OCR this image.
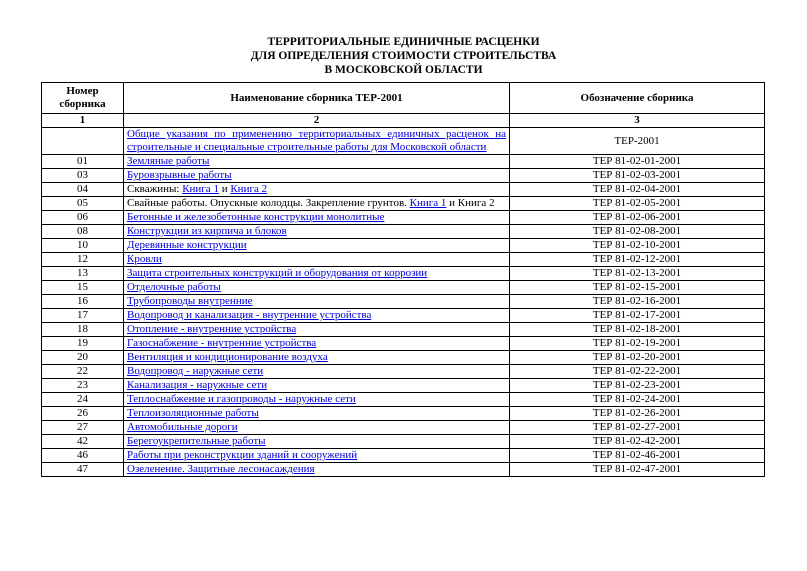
ТЕРРИТОРИАЛЬНЫЕ ЕДИНИЧНЫЕ РАСЦЕНКИ
ДЛЯ ОПРЕДЕЛЕНИЯ СТОИМОСТИ СТРОИТЕЛЬСТВА
В МОСКОВСКОЙ ОБЛАСТИ
Номер сборника	Наименование сборника ТЕР-2001	Обозначение сборника
1	2	3
	Общие указания по применению территориальных единичных расценок на строительные и специальные строительные работы для Московской области	ТЕР-2001
01	Земляные работы	ТЕР 81-02-01-2001
03	Буровзрывные работы	ТЕР 81-02-03-2001
04	Скважины: Книга 1 и Книга 2	ТЕР 81-02-04-2001
05	Свайные работы. Опускные колодцы. Закрепление грунтов. Книга 1 и Книга 2	ТЕР 81-02-05-2001
06	Бетонные и железобетонные конструкции монолитные	ТЕР 81-02-06-2001
08	Конструкции из кирпича и блоков	ТЕР 81-02-08-2001
10	Деревянные конструкции	ТЕР 81-02-10-2001
12	Кровли	ТЕР 81-02-12-2001
13	Защита строительных конструкций и оборудования от коррозии	ТЕР 81-02-13-2001
15	Отделочные работы	ТЕР 81-02-15-2001
16	Трубопроводы внутренние	ТЕР 81-02-16-2001
17	Водопровод и канализация - внутренние устройства	ТЕР 81-02-17-2001
18	Отопление - внутренние устройства	ТЕР 81-02-18-2001
19	Газоснабжение - внутренние устройства	ТЕР 81-02-19-2001
20	Вентиляция и кондиционирование воздуха	ТЕР 81-02-20-2001
22	Водопровод - наружные сети	ТЕР 81-02-22-2001
23	Канализация - наружные сети	ТЕР 81-02-23-2001
24	Теплоснабжение и газопроводы - наружные сети	ТЕР 81-02-24-2001
26	Теплоизоляционные работы	ТЕР 81-02-26-2001
27	Автомобильные дороги	ТЕР 81-02-27-2001
42	Берегоукрепительные работы	ТЕР 81-02-42-2001
46	Работы при реконструкции зданий и сооружений	ТЕР 81-02-46-2001
47	Озеленение. Защитные лесонасаждения	ТЕР 81-02-47-2001
